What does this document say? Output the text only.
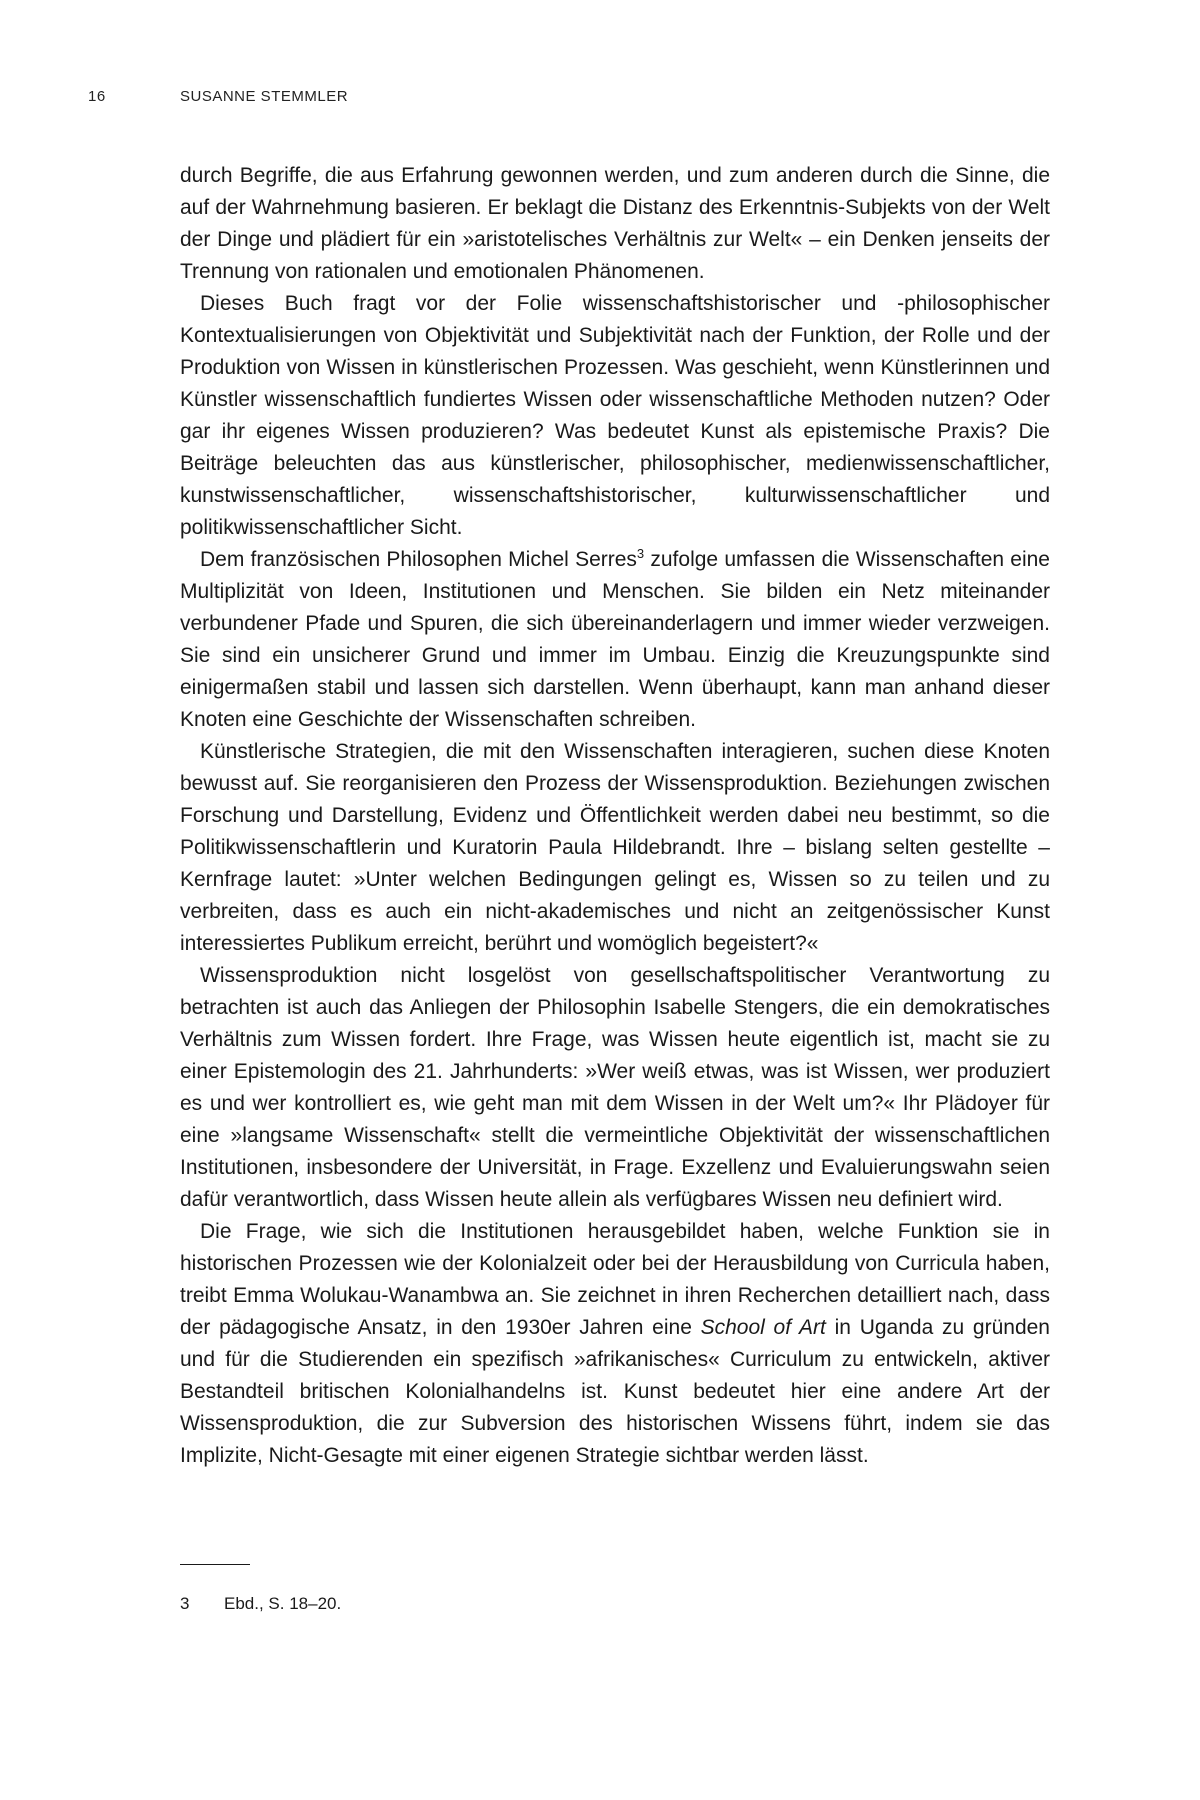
16	SUSANNE STEMMLER

durch Begriffe, die aus Erfahrung gewonnen werden, und zum anderen durch die Sinne, die auf der Wahrnehmung basieren. Er beklagt die Distanz des Erkenntnis-Subjekts von der Welt der Dinge und plädiert für ein »aristotelisches Verhältnis zur Welt« – ein Denken jenseits der Trennung von rationalen und emotionalen Phänomenen.

Dieses Buch fragt vor der Folie wissenschaftshistorischer und -philosophischer Kontextualisierungen von Objektivität und Subjektivität nach der Funktion, der Rolle und der Produktion von Wissen in künstlerischen Prozessen. Was geschieht, wenn Künstlerinnen und Künstler wissenschaftlich fundiertes Wissen oder wissenschaftliche Methoden nutzen? Oder gar ihr eigenes Wissen produzieren? Was bedeutet Kunst als epistemische Praxis? Die Beiträge beleuchten das aus künstlerischer, philosophischer, medienwissenschaftlicher, kunstwissenschaftlicher, wissenschaftshistorischer, kulturwissenschaftlicher und politikwissenschaftlicher Sicht.

Dem französischen Philosophen Michel Serres$^3$ zufolge umfassen die Wissenschaften eine Multiplizität von Ideen, Institutionen und Menschen. Sie bilden ein Netz miteinander verbundener Pfade und Spuren, die sich übereinanderlagern und immer wieder verzweigen. Sie sind ein unsicherer Grund und immer im Umbau. Einzig die Kreuzungspunkte sind einigermaßen stabil und lassen sich darstellen. Wenn überhaupt, kann man anhand dieser Knoten eine Geschichte der Wissenschaften schreiben.

Künstlerische Strategien, die mit den Wissenschaften interagieren, suchen diese Knoten bewusst auf. Sie reorganisieren den Prozess der Wissensproduktion. Beziehungen zwischen Forschung und Darstellung, Evidenz und Öffentlichkeit werden dabei neu bestimmt, so die Politikwissenschaftlerin und Kuratorin Paula Hildebrandt. Ihre – bislang selten gestellte – Kernfrage lautet: »Unter welchen Bedingungen gelingt es, Wissen so zu teilen und zu verbreiten, dass es auch ein nicht-akademisches und nicht an zeitgenössischer Kunst interessiertes Publikum erreicht, berührt und womöglich begeistert?«

Wissensproduktion nicht losgelöst von gesellschaftspolitischer Verantwortung zu betrachten ist auch das Anliegen der Philosophin Isabelle Stengers, die ein demokratisches Verhältnis zum Wissen fordert. Ihre Frage, was Wissen heute eigentlich ist, macht sie zu einer Epistemologin des 21. Jahrhunderts: »Wer weiß etwas, was ist Wissen, wer produziert es und wer kontrolliert es, wie geht man mit dem Wissen in der Welt um?« Ihr Plädoyer für eine »langsame Wissenschaft« stellt die vermeintliche Objektivität der wissenschaftlichen Institutionen, insbesondere der Universität, in Frage. Exzellenz und Evaluierungswahn seien dafür verantwortlich, dass Wissen heute allein als verfügbares Wissen neu definiert wird.

Die Frage, wie sich die Institutionen herausgebildet haben, welche Funktion sie in historischen Prozessen wie der Kolonialzeit oder bei der Herausbildung von Curricula haben, treibt Emma Wolukau-Wanambwa an. Sie zeichnet in ihren Recherchen detailliert nach, dass der pädagogische Ansatz, in den 1930er Jahren eine School of Art in Uganda zu gründen und für die Studierenden ein spezifisch »afrikanisches« Curriculum zu entwickeln, aktiver Bestandteil britischen Kolonialhandelns ist. Kunst bedeutet hier eine andere Art der Wissensproduktion, die zur Subversion des historischen Wissens führt, indem sie das Implizite, Nicht-Gesagte mit einer eigenen Strategie sichtbar werden lässt.

3 Ebd., S. 18–20.
